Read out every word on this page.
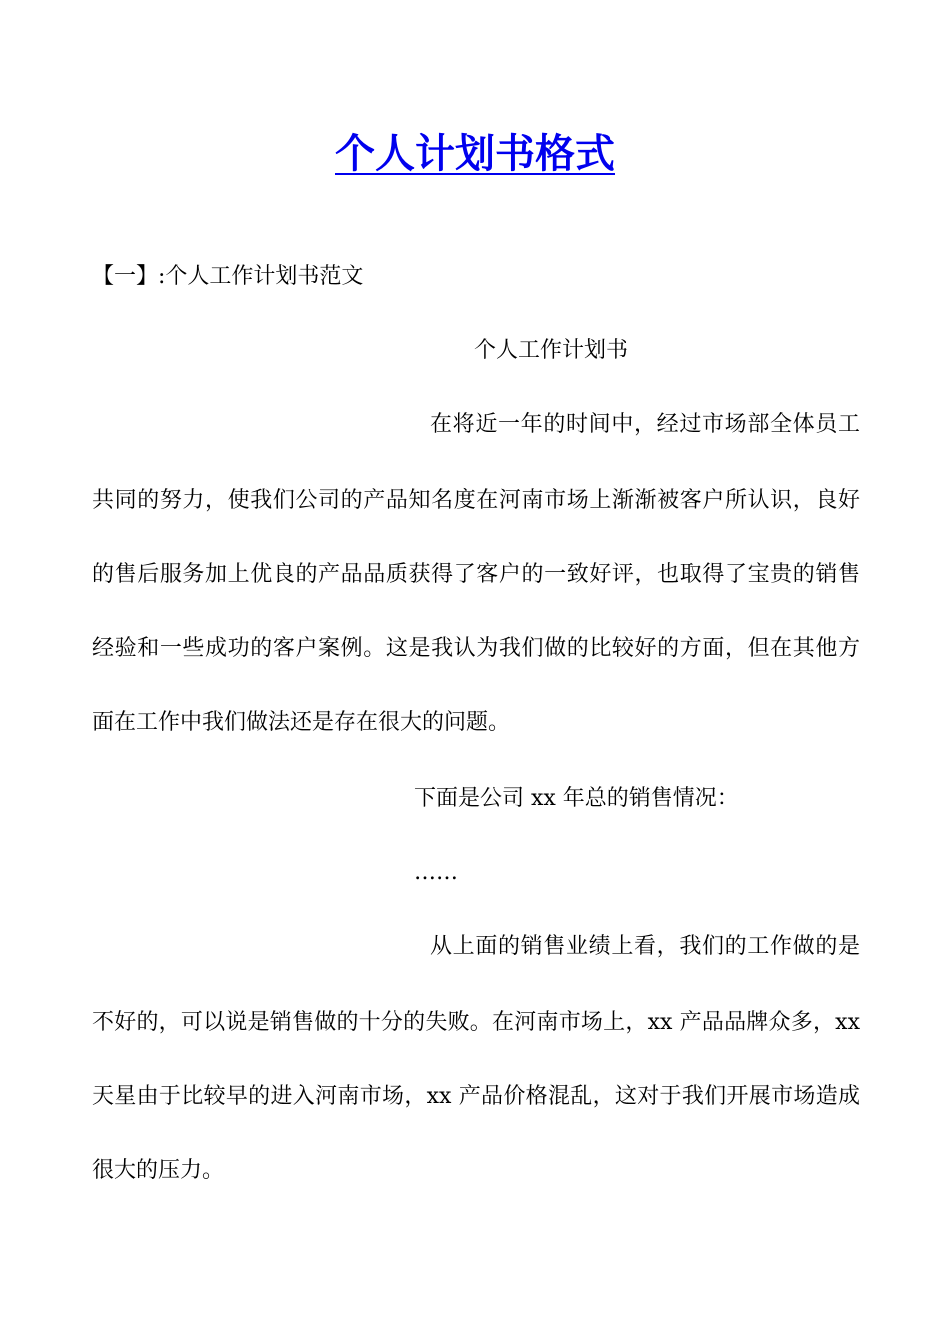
个人计划书格式
【一】:个人工作计划书范文
个人工作计划书
在将近一年的时间中，经过市场部全体员工
共同的努力，使我们公司的产品知名度在河南市场上渐渐被客户所认识，良好
的售后服务加上优良的产品品质获得了客户的一致好评，也取得了宝贵的销售
经验和一些成功的客户案例。这是我认为我们做的比较好的方面，但在其他方
面在工作中我们做法还是存在很大的问题。
下面是公司 xx 年总的销售情况：
……
从上面的销售业绩上看，我们的工作做的是
不好的，可以说是销售做的十分的失败。在河南市场上，xx 产品品牌众多，xx
天星由于比较早的进入河南市场，xx 产品价格混乱，这对于我们开展市场造成
很大的压力。
